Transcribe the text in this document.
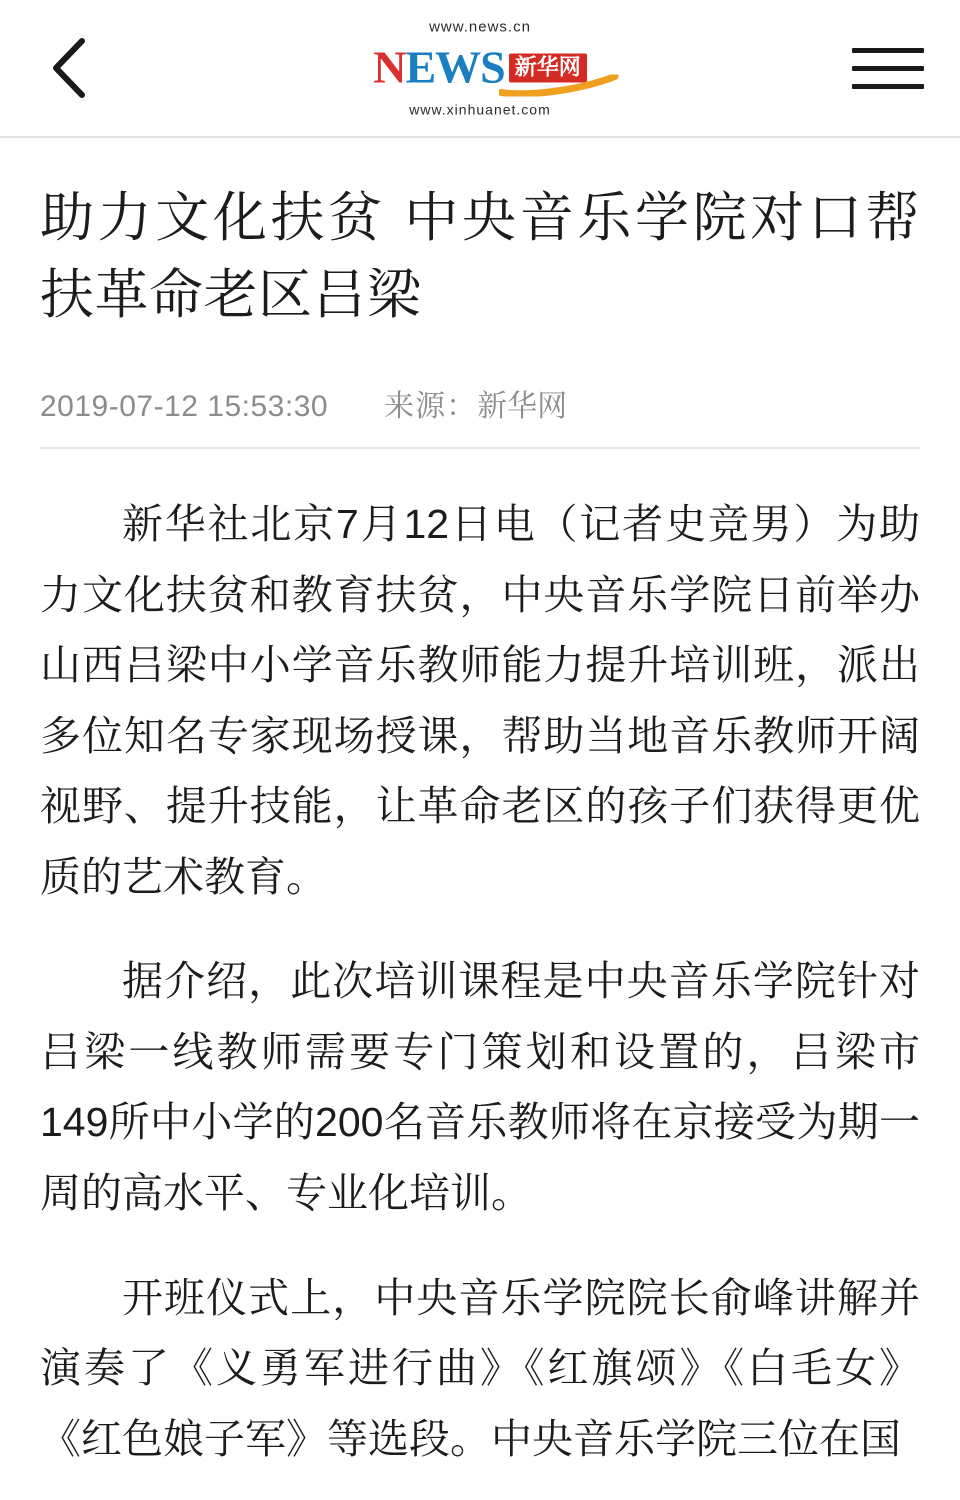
www.news.cn
NEWS 新华网
www.xinhuanet.com
助力文化扶贫 中央音乐学院对口帮扶革命老区吕梁
2019-07-12 15:53:30 来源： 新华网

新华社北京7月12日电（记者史竞男）为助力文化扶贫和教育扶贫，中央音乐学院日前举办山西吕梁中小学音乐教师能力提升培训班，派出多位知名专家现场授课，帮助当地音乐教师开阔视野、提升技能，让革命老区的孩子们获得更优质的艺术教育。

据介绍，此次培训课程是中央音乐学院针对吕梁一线教师需要专门策划和设置的，吕梁市149所中小学的200名音乐教师将在京接受为期一周的高水平、专业化培训。

开班仪式上，中央音乐学院院长俞峰讲解并演奏了《义勇军进行曲》《红旗颂》《白毛女》《红色娘子军》等选段。中央音乐学院三位在国
